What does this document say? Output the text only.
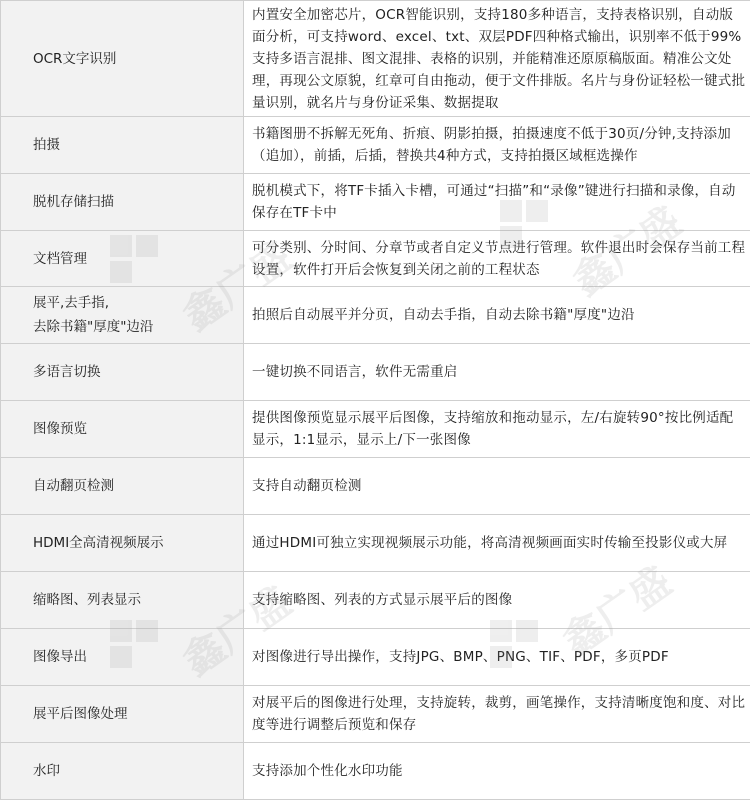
OCR文字识别	内置安全加密芯片，OCR智能识别，支持180多种语言，支持表格识别，自动版面分析，可支持word、excel、txt、双层PDF四种格式输出，识别率不低于99%支持多语言混排、图文混排、表格的识别，并能精准还原原稿版面。精准公文处理，再现公文原貌，红章可自由拖动，便于文件排版。名片与身份证轻松一键式批量识别，就名片与身份证采集、数据提取
拍摄	书籍图册不拆解无死角、折痕、阴影拍摄，拍摄速度不低于30页/分钟,支持添加（追加），前插，后插，替换共4种方式，支持拍摄区域框选操作
脱机存储扫描	脱机模式下，将TF卡插入卡槽，可通过“扫描”和“录像”键进行扫描和录像，自动保存在TF卡中
文档管理	可分类别、分时间、分章节或者自定义节点进行管理。软件退出时会保存当前工程设置，软件打开后会恢复到关闭之前的工程状态
展平,去手指,
去除书籍"厚度"边沿	拍照后自动展平并分页，自动去手指，自动去除书籍"厚度"边沿
多语言切换	一键切换不同语言，软件无需重启
图像预览	提供图像预览显示展平后图像，支持缩放和拖动显示，左/右旋转90°按比例适配显示，1:1显示，显示上/下一张图像
自动翻页检测	支持自动翻页检测
HDMI全高清视频展示	通过HDMI可独立实现视频展示功能，将高清视频画面实时传输至投影仪或大屏
缩略图、列表显示	支持缩略图、列表的方式显示展平后的图像
图像导出	对图像进行导出操作，支持JPG、BMP、PNG、TIF、PDF，多页PDF
展平后图像处理	对展平后的图像进行处理，支持旋转，裁剪，画笔操作，支持清晰度饱和度、对比度等进行调整后预览和保存
水印	支持添加个性化水印功能
